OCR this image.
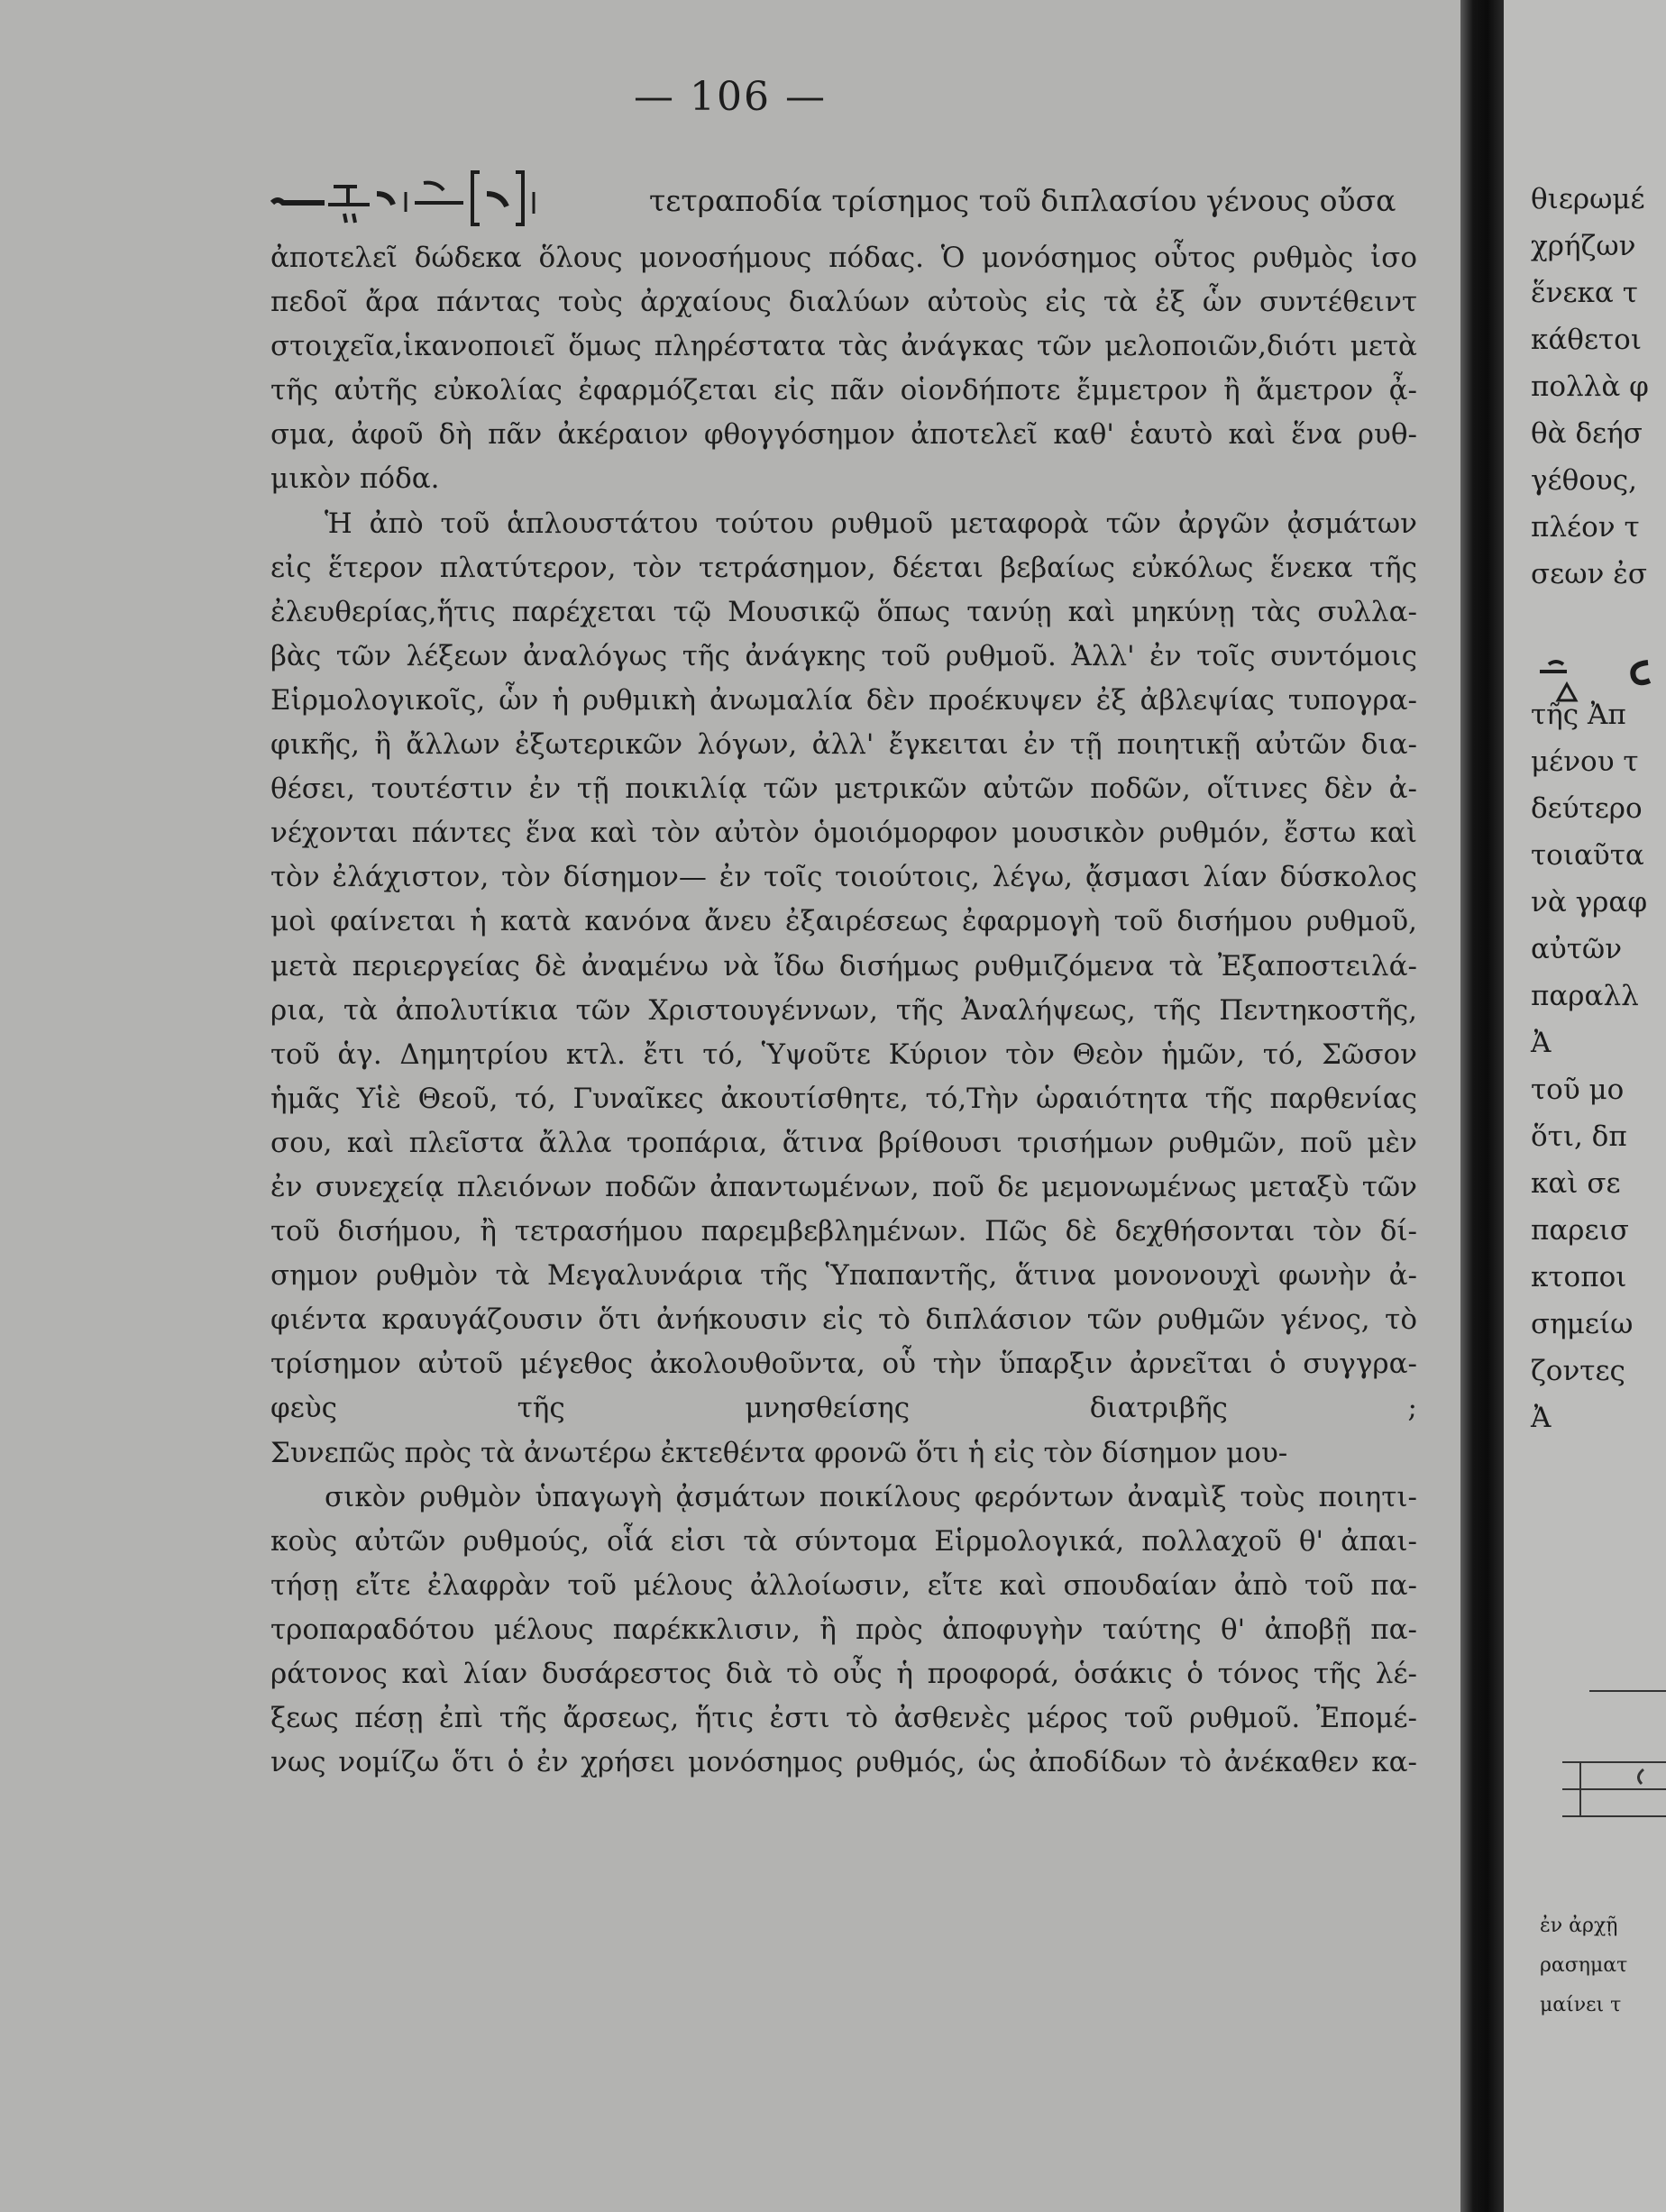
— 106 —
τετραποδία τρίσημος τοῦ διπλασίου γένους οὔσα
ἀποτελεῖ δώδεκα ὅλους μονοσήμους πόδας. Ὁ μονόσημος οὗτος ρυθμὸς ἰσο
πεδοῖ ἄρα πάντας τοὺς ἀρχαίους διαλύων αὐτοὺς εἰς τὰ ἐξ ὧν συντέθειντ
στοιχεῖα,ἱκανοποιεῖ ὅμως πληρέστατα τὰς ἀνάγκας τῶν μελοποιῶν,διότι μετὰ
τῆς αὐτῆς εὐκολίας ἐφαρμόζεται εἰς πᾶν οἱονδήποτε ἔμμετρον ἢ ἄμετρον ᾆ-
σμα, ἀφοῦ δὴ πᾶν ἀκέραιον φθογγόσημον ἀποτελεῖ καθ' ἑαυτὸ καὶ ἕνα ρυθ-
μικὸν πόδα.
Ἡ ἀπὸ τοῦ ἁπλουστάτου τούτου ρυθμοῦ μεταφορὰ τῶν ἀργῶν ᾀσμάτων
εἰς ἕτερον πλατύτερον, τὸν τετράσημον, δέεται βεβαίως εὐκόλως ἕνεκα τῆς
ἐλευθερίας,ἥτις παρέχεται τῷ Μουσικῷ ὅπως τανύῃ καὶ μηκύνῃ τὰς συλλα-
βὰς τῶν λέξεων ἀναλόγως τῆς ἀνάγκης τοῦ ρυθμοῦ. Ἀλλ' ἐν τοῖς συντόμοις
Εἱρμολογικοῖς, ὧν ἡ ρυθμικὴ ἀνωμαλία δὲν προέκυψεν ἐξ ἀβλεψίας τυπογρα-
φικῆς, ἢ ἄλλων ἐξωτερικῶν λόγων, ἀλλ' ἔγκειται ἐν τῇ ποιητικῇ αὐτῶν δια-
θέσει, τουτέστιν ἐν τῇ ποικιλίᾳ τῶν μετρικῶν αὐτῶν ποδῶν, οἵτινες δὲν ἀ-
νέχονται πάντες ἕνα καὶ τὸν αὐτὸν ὁμοιόμορφον μουσικὸν ρυθμόν, ἔστω καὶ
τὸν ἐλάχιστον, τὸν δίσημον— ἐν τοῖς τοιούτοις, λέγω, ᾄσμασι λίαν δύσκολος
μοὶ φαίνεται ἡ κατὰ κανόνα ἄνευ ἐξαιρέσεως ἐφαρμογὴ τοῦ δισήμου ρυθμοῦ,
μετὰ περιεργείας δὲ ἀναμένω νὰ ἴδω δισήμως ρυθμιζόμενα τὰ Ἐξαποστειλά-
ρια, τὰ ἀπολυτίκια τῶν Χριστουγέννων, τῆς Ἀναλήψεως, τῆς Πεντηκοστῆς,
τοῦ ἁγ. Δημητρίου κτλ. ἔτι τό, Ὑψοῦτε Κύριον τὸν Θεὸν ἡμῶν, τό, Σῶσον
ἡμᾶς Υἱὲ Θεοῦ, τό, Γυναῖκες ἀκουτίσθητε, τό,Τὴν ὡραιότητα τῆς παρθενίας
σου, καὶ πλεῖστα ἄλλα τροπάρια, ἅτινα βρίθουσι τρισήμων ρυθμῶν, ποῦ μὲν
ἐν συνεχείᾳ πλειόνων ποδῶν ἀπαντωμένων, ποῦ δε μεμονωμένως μεταξὺ τῶν
τοῦ δισήμου, ἢ τετρασήμου παρεμβεβλημένων. Πῶς δὲ δεχθήσονται τὸν δί-
σημον ρυθμὸν τὰ Μεγαλυνάρια τῆς Ὑπαπαντῆς, ἅτινα μονονουχὶ φωνὴν ἀ-
φιέντα κραυγάζουσιν ὅτι ἀνήκουσιν εἰς τὸ διπλάσιον τῶν ρυθμῶν γένος, τὸ
τρίσημον αὐτοῦ μέγεθος ἀκολουθοῦντα, οὗ τὴν ὕπαρξιν ἀρνεῖται ὁ συγγρα-
φεὺς τῆς μνησθείσης διατριβῆς ;
Συνεπῶς πρὸς τὰ ἀνωτέρω ἐκτεθέντα φρονῶ ὅτι ἡ εἰς τὸν δίσημον μου-
σικὸν ρυθμὸν ὑπαγωγὴ ᾀσμάτων ποικίλους φερόντων ἀναμὶξ τοὺς ποιητι-
κοὺς αὐτῶν ρυθμούς, οἷά εἰσι τὰ σύντομα Εἱρμολογικά, πολλαχοῦ θ' ἀπαι-
τήσῃ εἴτε ἐλαφρὰν τοῦ μέλους ἀλλοίωσιν, εἴτε καὶ σπουδαίαν ἀπὸ τοῦ πα-
τροπαραδότου μέλους παρέκκλισιν, ἢ πρὸς ἀποφυγὴν ταύτης θ' ἀποβῇ πα-
ράτονος καὶ λίαν δυσάρεστος διὰ τὸ οὖς ἡ προφορά, ὁσάκις ὁ τόνος τῆς λέ-
ξεως πέσῃ ἐπὶ τῆς ἄρσεως, ἥτις ἐστι τὸ ἀσθενὲς μέρος τοῦ ρυθμοῦ. Ἐπομέ-
νως νομίζω ὅτι ὁ ἐν χρήσει μονόσημος ρυθμός, ὡς ἀποδίδων τὸ ἀνέκαθεν κα-
θιερωμέ
χρήζων
ἕνεκα τ
κάθετοι
πολλὰ φ
θὰ δεήσ
γέθους,
πλέον τ
σεων ἐσ
τῆς Ἀπ
μένου τ
δεύτερο
τοιαῦτα
νὰ γραφ
αὐτῶν
παραλλ
Ἀ
τοῦ μο
ὅτι, δπ
καὶ σε
παρεισ
κτοποι
σημείω
ζοντες
Ἀ
ἐν ἀρχῇ
ρασηματ
μαίνει τ
